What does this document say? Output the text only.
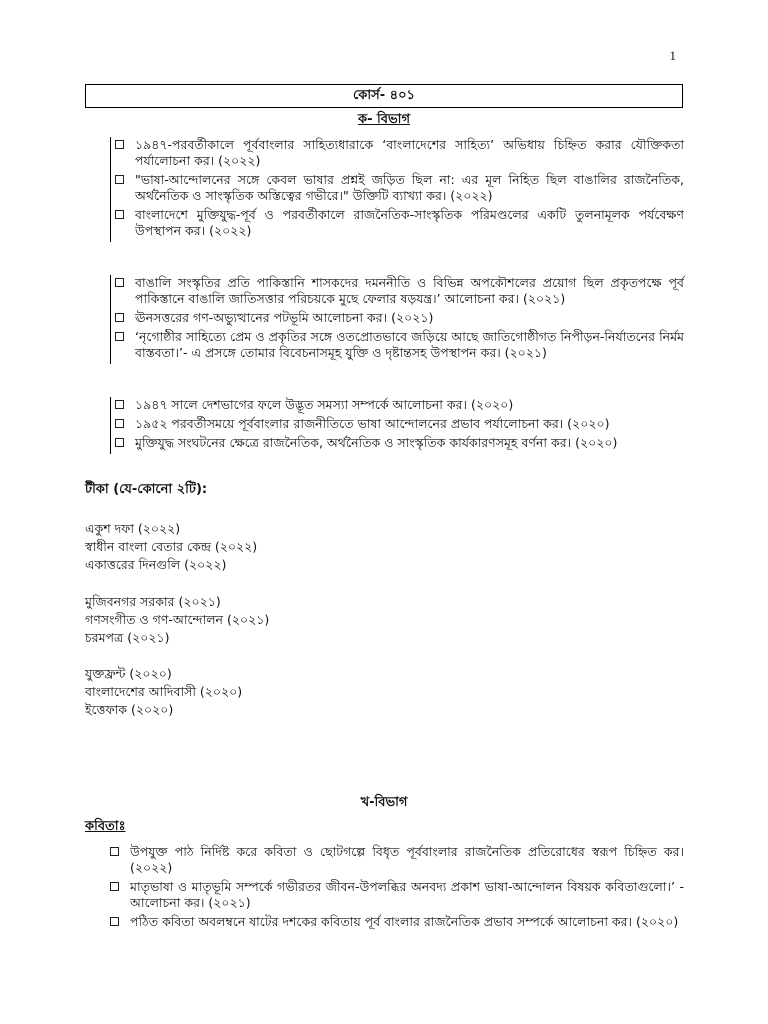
1
কোর্স- ৪০১
ক- বিভাগ
১৯৪৭-পরবর্তীকালে পূর্ববাংলার সাহিত্যধারাকে ‘বাংলাদেশের সাহিত্য’ অভিধায় চিহ্নিত করার যৌক্তিকতা পর্যালোচনা কর। (২০২২)
"ভাষা-আন্দোলনের সঙ্গে কেবল ভাষার প্রশ্নই জড়িত ছিল না: এর মূল নিহিত ছিল বাঙালির রাজনৈতিক, অর্থনৈতিক ও সাংস্কৃতিক অস্তিত্বের গভীরে।" উক্তিটি ব্যাখ্যা কর। (২০২২)
বাংলাদেশে মুক্তিযুদ্ধ-পূর্ব ও পরবর্তীকালে রাজনৈতিক-সাংস্কৃতিক পরিমণ্ডলের একটি তুলনামূলক পর্যবেক্ষণ উপস্থাপন কর। (২০২২)
বাঙালি সংস্কৃতির প্রতি পাকিস্তানি শাসকদের দমননীতি ও বিভিন্ন অপকৌশলের প্রয়োগ ছিল প্রকৃতপক্ষে পূর্ব পাকিস্তানে বাঙালি জাতিসত্তার পরিচয়কে মুছে ফেলার ষড়যন্ত্র।’ আলোচনা কর। (২০২১)
ঊনসত্তরের গণ-অভ্যুত্থানের পটভূমি আলোচনা কর। (২০২১)
‘নৃগোষ্ঠীর সাহিত্যে প্রেম ও প্রকৃতির সঙ্গে ওতপ্রোতভাবে জড়িয়ে আছে জাতিগোষ্ঠীগত নিপীড়ন-নির্যাতনের নির্মম বাস্তবতা।’- এ প্রসঙ্গে তোমার বিবেচনাসমূহ যুক্তি ও দৃষ্টান্তসহ উপস্থাপন কর। (২০২১)
১৯৪৭ সালে দেশভাগের ফলে উদ্ভূত সমস্যা সম্পর্কে আলোচনা কর। (২০২০)
১৯৫২ পরবর্তীসময়ে পূর্ববাংলার রাজনীতিতে ভাষা আন্দোলনের প্রভাব পর্যালোচনা কর। (২০২০)
মুক্তিযুদ্ধ সংঘটনের ক্ষেত্রে রাজনৈতিক, অর্থনৈতিক ও সাংস্কৃতিক কার্যকারণসমূহ বর্ণনা কর। (২০২০)
টীকা (যে-কোনো ২টি):
একুশ দফা (২০২২)
স্বাধীন বাংলা বেতার কেন্দ্র (২০২২)
একাত্তরের দিনগুলি (২০২২)
মুজিবনগর সরকার (২০২১)
গণসংগীত ও গণ-আন্দোলন (২০২১)
চরমপত্র (২০২১)
যুক্তফ্রন্ট (২০২০)
বাংলাদেশের আদিবাসী (২০২০)
ইত্তেফাক (২০২০)
খ-বিভাগ
কবিতাঃ
উপযুক্ত পাঠ নির্দিষ্ট করে কবিতা ও ছোটগল্পে বিধৃত পূর্ববাংলার রাজনৈতিক প্রতিরোধের স্বরূপ চিহ্নিত কর। (২০২২)
মাতৃভাষা ও মাতৃভূমি সম্পর্কে গভীরতর জীবন-উপলব্ধির অনবদ্য প্রকাশ ভাষা-আন্দোলন বিষয়ক কবিতাগুলো।’ - আলোচনা কর। (২০২১)
পঠিত কবিতা অবলম্বনে ষাটের দশকের কবিতায় পূর্ব বাংলার রাজনৈতিক প্রভাব সম্পর্কে আলোচনা কর। (২০২০)
